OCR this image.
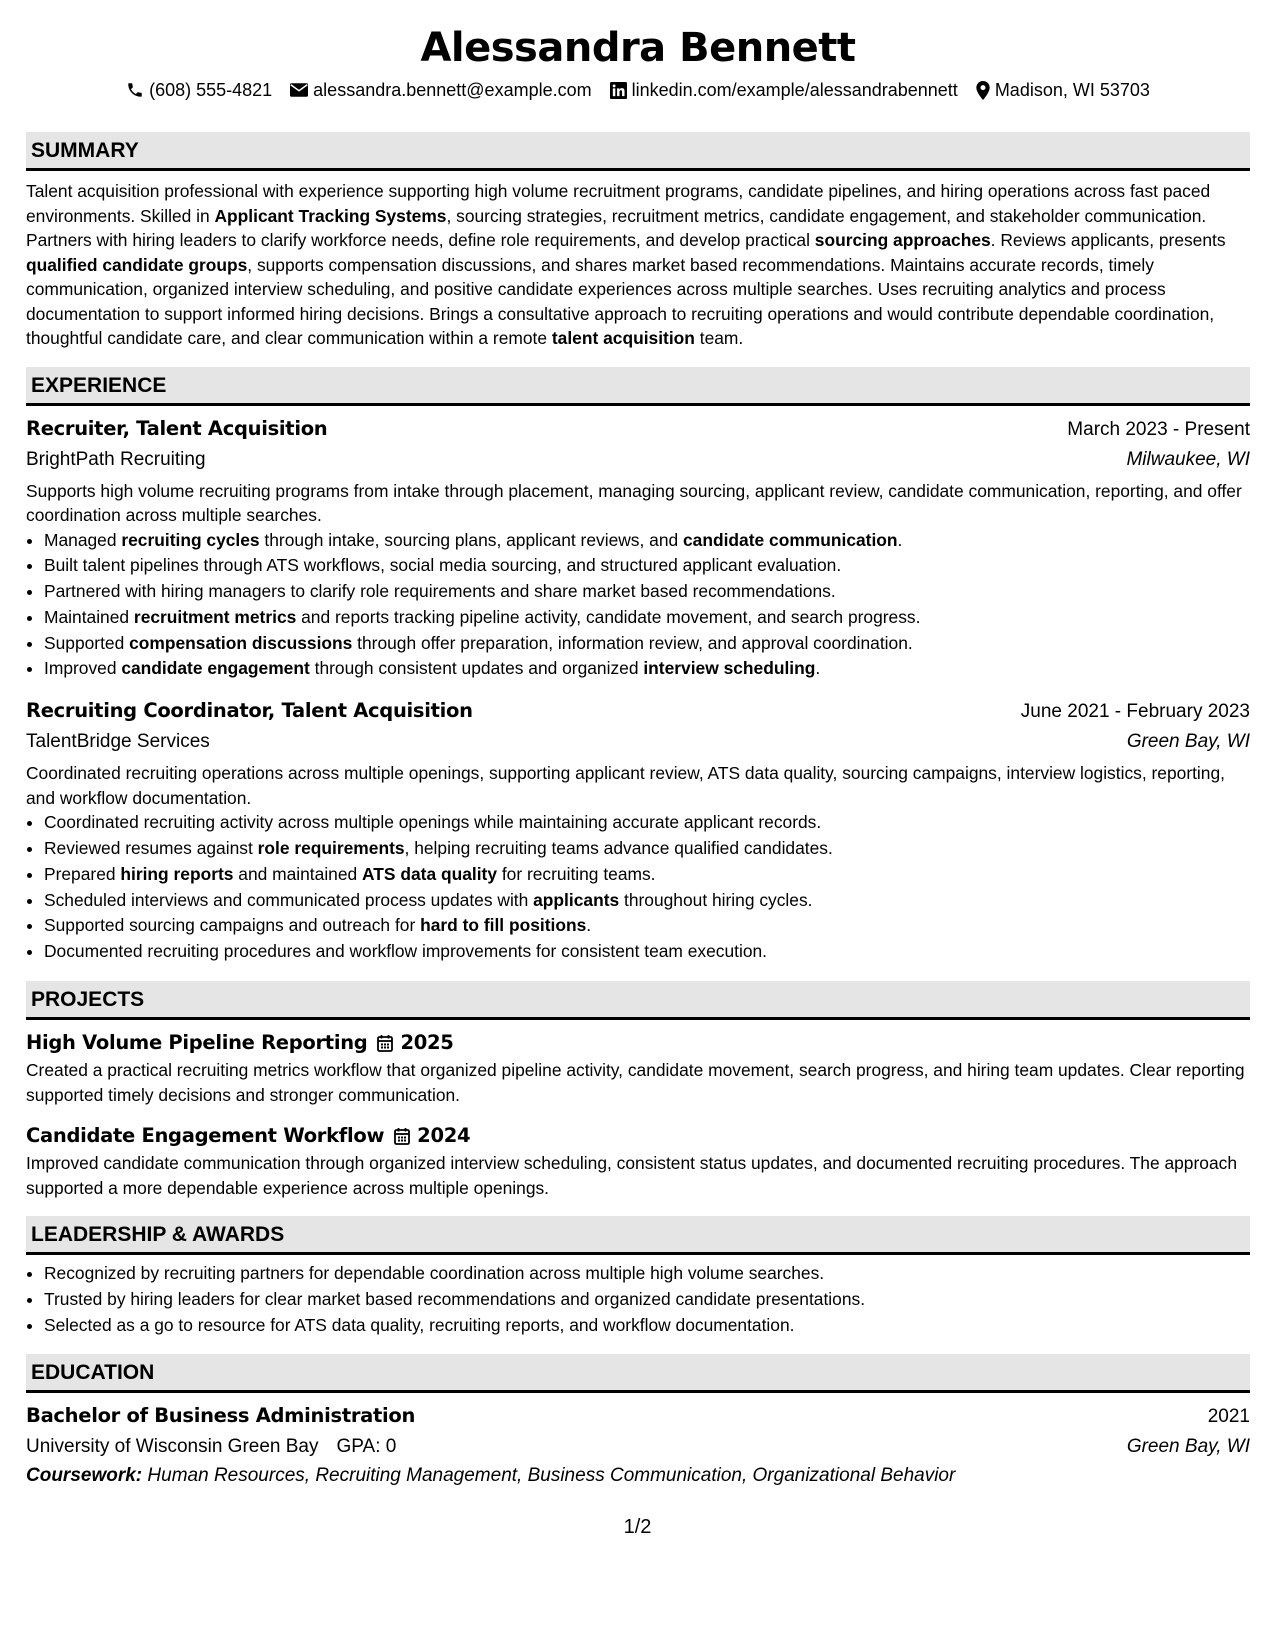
Alessandra Bennett
(608) 555-4821 alessandra.bennett@example.com linkedin.com/example/alessandrabennett Madison, WI 53703
SUMMARY
Talent acquisition professional with experience supporting high volume recruitment programs, candidate pipelines, and hiring operations across fast paced environments. Skilled in Applicant Tracking Systems, sourcing strategies, recruitment metrics, candidate engagement, and stakeholder communication. Partners with hiring leaders to clarify workforce needs, define role requirements, and develop practical sourcing approaches. Reviews applicants, presents qualified candidate groups, supports compensation discussions, and shares market based recommendations. Maintains accurate records, timely communication, organized interview scheduling, and positive candidate experiences across multiple searches. Uses recruiting analytics and process documentation to support informed hiring decisions. Brings a consultative approach to recruiting operations and would contribute dependable coordination, thoughtful candidate care, and clear communication within a remote talent acquisition team.
EXPERIENCE
Recruiter, Talent Acquisition	March 2023 - Present
BrightPath Recruiting	Milwaukee, WI
Supports high volume recruiting programs from intake through placement, managing sourcing, applicant review, candidate communication, reporting, and offer coordination across multiple searches.
• Managed recruiting cycles through intake, sourcing plans, applicant reviews, and candidate communication.
• Built talent pipelines through ATS workflows, social media sourcing, and structured applicant evaluation.
• Partnered with hiring managers to clarify role requirements and share market based recommendations.
• Maintained recruitment metrics and reports tracking pipeline activity, candidate movement, and search progress.
• Supported compensation discussions through offer preparation, information review, and approval coordination.
• Improved candidate engagement through consistent updates and organized interview scheduling.
Recruiting Coordinator, Talent Acquisition	June 2021 - February 2023
TalentBridge Services	Green Bay, WI
Coordinated recruiting operations across multiple openings, supporting applicant review, ATS data quality, sourcing campaigns, interview logistics, reporting, and workflow documentation.
• Coordinated recruiting activity across multiple openings while maintaining accurate applicant records.
• Reviewed resumes against role requirements, helping recruiting teams advance qualified candidates.
• Prepared hiring reports and maintained ATS data quality for recruiting teams.
• Scheduled interviews and communicated process updates with applicants throughout hiring cycles.
• Supported sourcing campaigns and outreach for hard to fill positions.
• Documented recruiting procedures and workflow improvements for consistent team execution.
PROJECTS
High Volume Pipeline Reporting 2025
Created a practical recruiting metrics workflow that organized pipeline activity, candidate movement, search progress, and hiring team updates. Clear reporting supported timely decisions and stronger communication.
Candidate Engagement Workflow 2024
Improved candidate communication through organized interview scheduling, consistent status updates, and documented recruiting procedures. The approach supported a more dependable experience across multiple openings.
LEADERSHIP & AWARDS
• Recognized by recruiting partners for dependable coordination across multiple high volume searches.
• Trusted by hiring leaders for clear market based recommendations and organized candidate presentations.
• Selected as a go to resource for ATS data quality, recruiting reports, and workflow documentation.
EDUCATION
Bachelor of Business Administration	2021
University of Wisconsin Green Bay GPA: 0	Green Bay, WI
Coursework: Human Resources, Recruiting Management, Business Communication, Organizational Behavior
1/2
